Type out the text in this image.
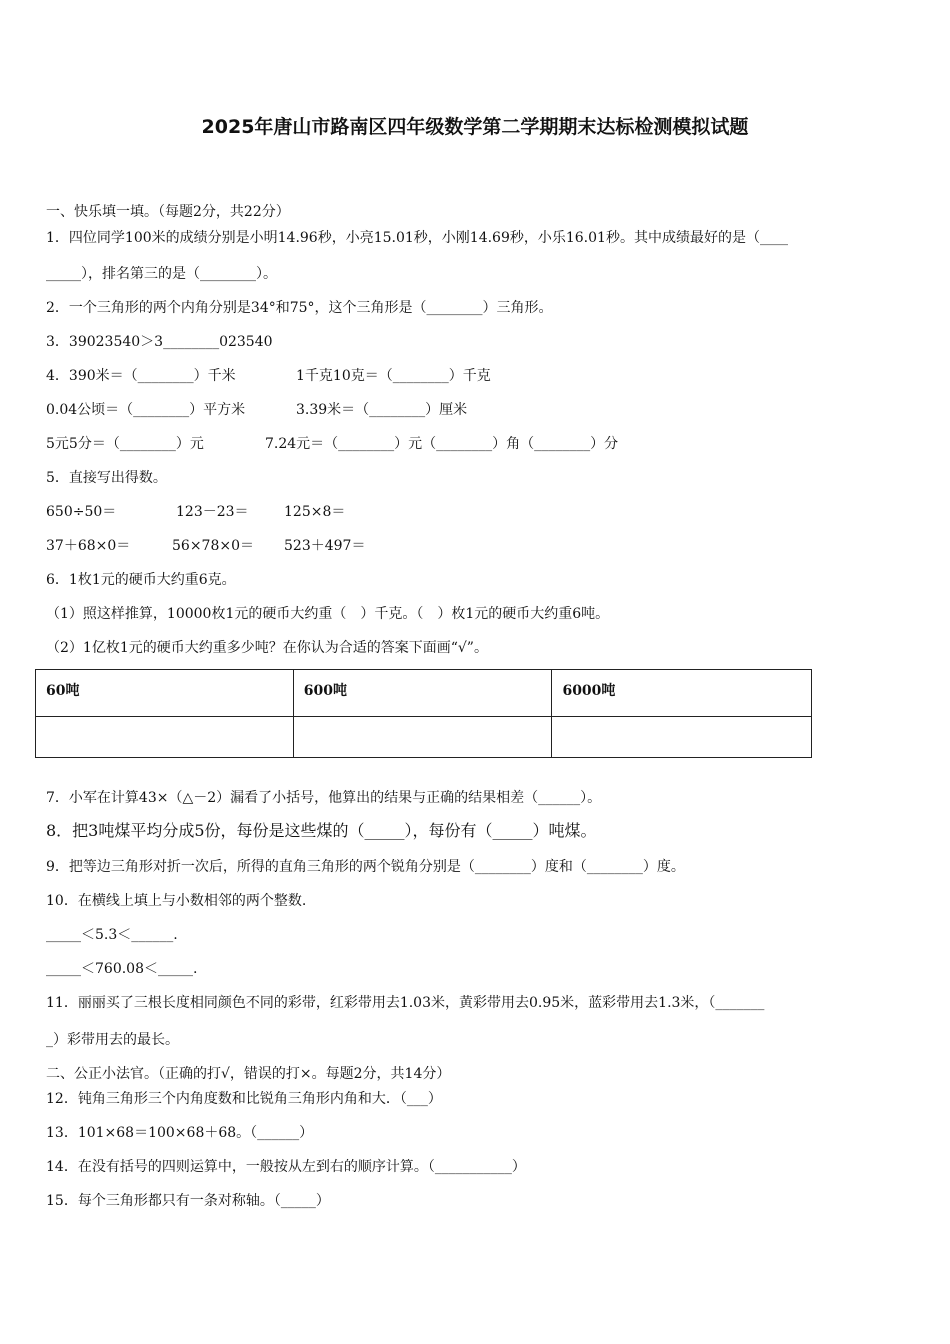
2025年唐山市路南区四年级数学第二学期期末达标检测模拟试题
一、快乐填一填。（每题2分，共22分）
1．四位同学100米的成绩分别是小明14.96秒，小亮15.01秒，小刚14.69秒，小乐16.01秒。其中成绩最好的是（____
_____），排名第三的是（________）。
2．一个三角形的两个内角分别是34°和75°，这个三角形是（________）三角形。
3．39023540＞3________023540
4．390米＝（________）千米	1千克10克＝（________）千克
0.04公顷＝（________）平方米	3.39米＝（________）厘米
5元5分＝（________）元	7.24元＝（________）元（________）角（________）分
5．直接写出得数。
650÷50＝	123－23＝	125×8＝
37＋68×0＝	56×78×0＝ 523＋497＝
6．1枚1元的硬币大约重6克。
（1）照这样推算，10000枚1元的硬币大约重（　）千克。（　）枚1元的硬币大约重6吨。
（2）1亿枚1元的硬币大约重多少吨？在你认为合适的答案下面画“√”。
60吨	600吨	6000吨

7．小军在计算43×（△－2）漏看了小括号，他算出的结果与正确的结果相差（______）。
8．把3吨煤平均分成5份，每份是这些煤的（_____），每份有（_____）吨煤。
9．把等边三角形对折一次后，所得的直角三角形的两个锐角分别是（________）度和（________）度。
10．在横线上填上与小数相邻的两个整数.
_____＜5.3＜______.
_____＜760.08＜_____.
11．丽丽买了三根长度相同颜色不同的彩带，红彩带用去1.03米，黄彩带用去0.95米，蓝彩带用去1.3米，（_______
_）彩带用去的最长。
二、公正小法官。（正确的打√，错误的打×。每题2分，共14分）
12．钝角三角形三个内角度数和比锐角三角形内角和大．（___）
13．101×68＝100×68＋68。（______）
14．在没有括号的四则运算中，一般按从左到右的顺序计算。（___________）
15．每个三角形都只有一条对称轴。（_____）
